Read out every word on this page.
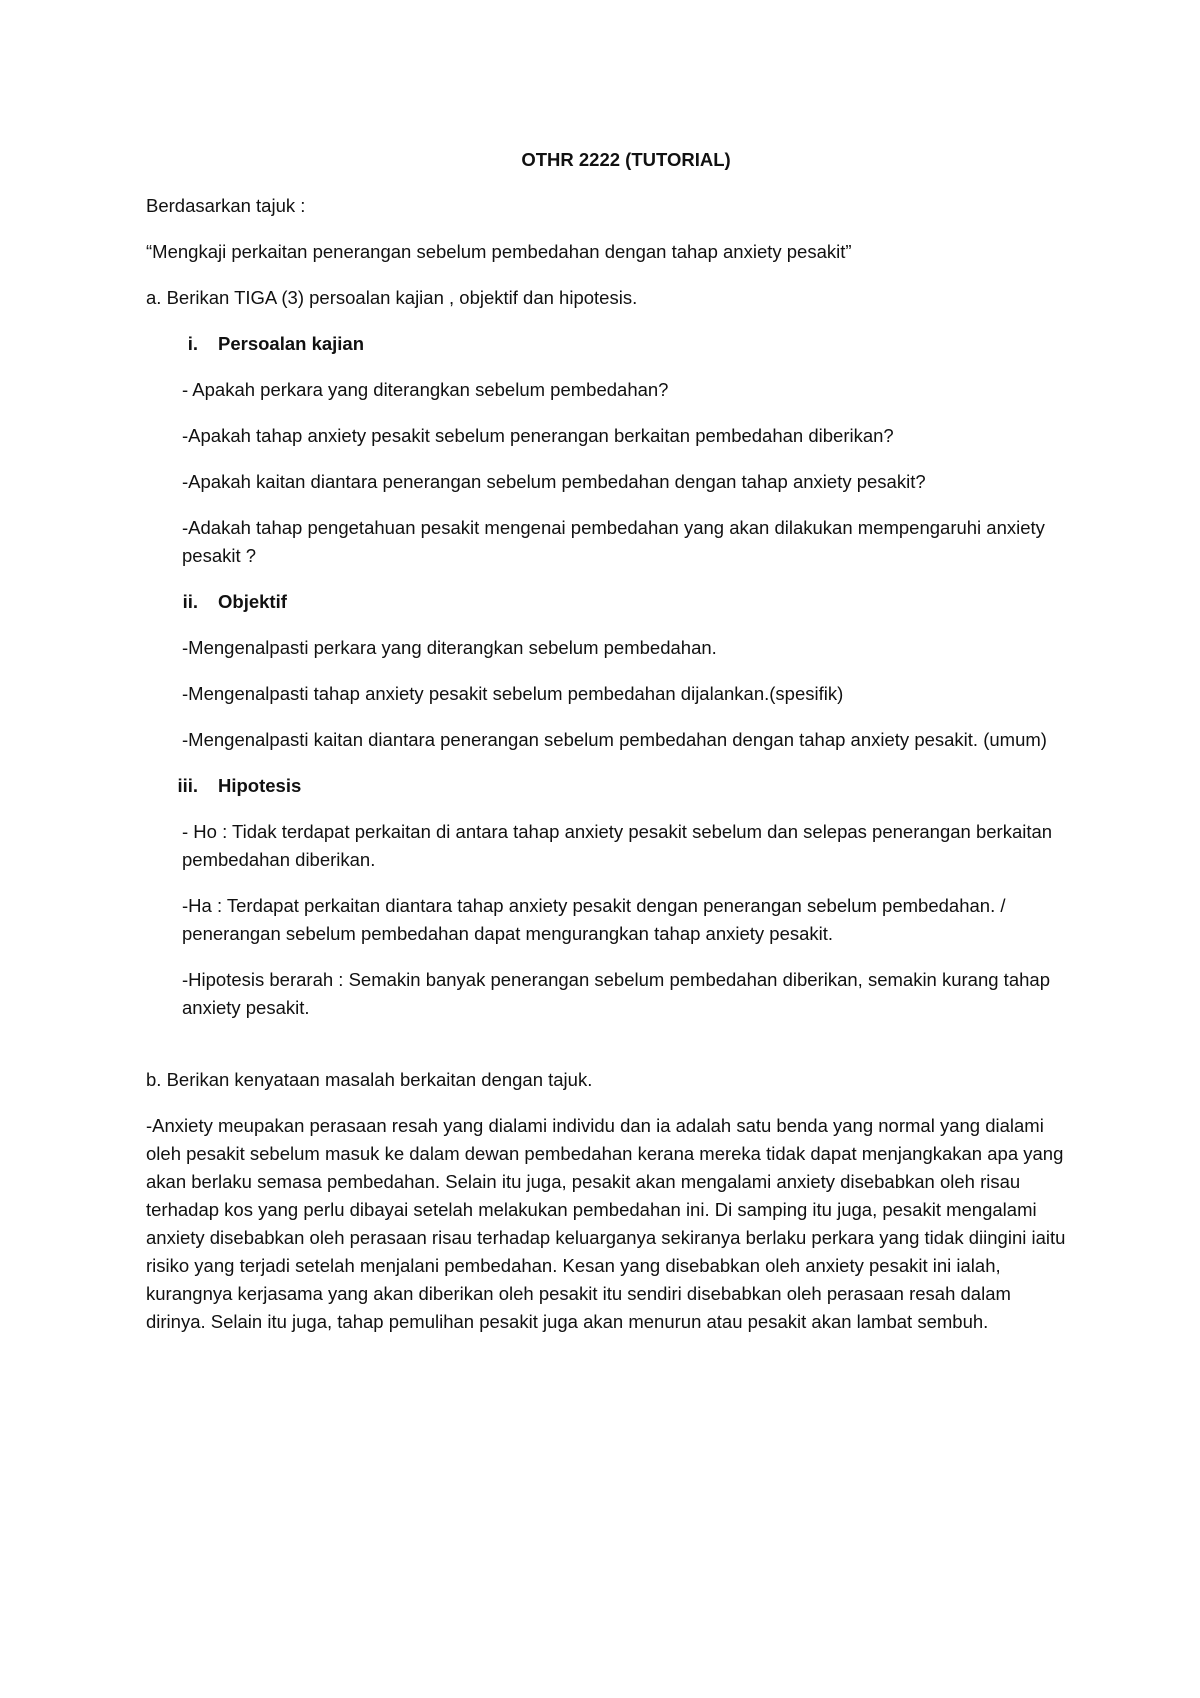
OTHR 2222 (TUTORIAL)
Berdasarkan tajuk :
“Mengkaji perkaitan penerangan sebelum pembedahan dengan tahap anxiety pesakit”
a. Berikan TIGA (3) persoalan kajian , objektif dan hipotesis.
i.	Persoalan kajian
- Apakah perkara yang diterangkan sebelum pembedahan?
-Apakah tahap anxiety pesakit sebelum penerangan berkaitan pembedahan diberikan?
-Apakah kaitan diantara penerangan sebelum pembedahan dengan tahap anxiety pesakit?
-Adakah tahap pengetahuan pesakit mengenai pembedahan yang akan dilakukan mempengaruhi anxiety pesakit ?
ii.	Objektif
-Mengenalpasti perkara yang diterangkan sebelum pembedahan.
-Mengenalpasti tahap anxiety pesakit sebelum pembedahan dijalankan.(spesifik)
-Mengenalpasti kaitan diantara penerangan sebelum pembedahan dengan tahap anxiety pesakit. (umum)
iii.	Hipotesis
- Ho : Tidak terdapat perkaitan di antara tahap anxiety pesakit sebelum dan selepas penerangan berkaitan pembedahan diberikan.
-Ha : Terdapat perkaitan diantara tahap anxiety pesakit dengan penerangan sebelum pembedahan. / penerangan sebelum pembedahan dapat mengurangkan tahap anxiety pesakit.
-Hipotesis berarah : Semakin banyak penerangan sebelum pembedahan diberikan, semakin kurang tahap anxiety pesakit.
b. Berikan kenyataan masalah berkaitan dengan tajuk.
-Anxiety meupakan perasaan resah yang dialami individu dan ia adalah satu benda yang normal yang dialami oleh pesakit sebelum masuk ke dalam dewan pembedahan kerana mereka tidak dapat menjangkakan apa yang akan berlaku semasa pembedahan. Selain itu juga, pesakit akan mengalami anxiety disebabkan oleh risau terhadap kos yang perlu dibayai setelah melakukan pembedahan ini. Di samping itu juga, pesakit mengalami anxiety disebabkan oleh perasaan risau terhadap keluarganya sekiranya berlaku perkara yang tidak diingini iaitu risiko yang terjadi setelah menjalani pembedahan. Kesan yang disebabkan oleh anxiety pesakit ini ialah, kurangnya kerjasama yang akan diberikan oleh pesakit itu sendiri disebabkan oleh perasaan resah dalam dirinya. Selain itu juga, tahap pemulihan pesakit juga akan menurun atau pesakit akan lambat sembuh.
